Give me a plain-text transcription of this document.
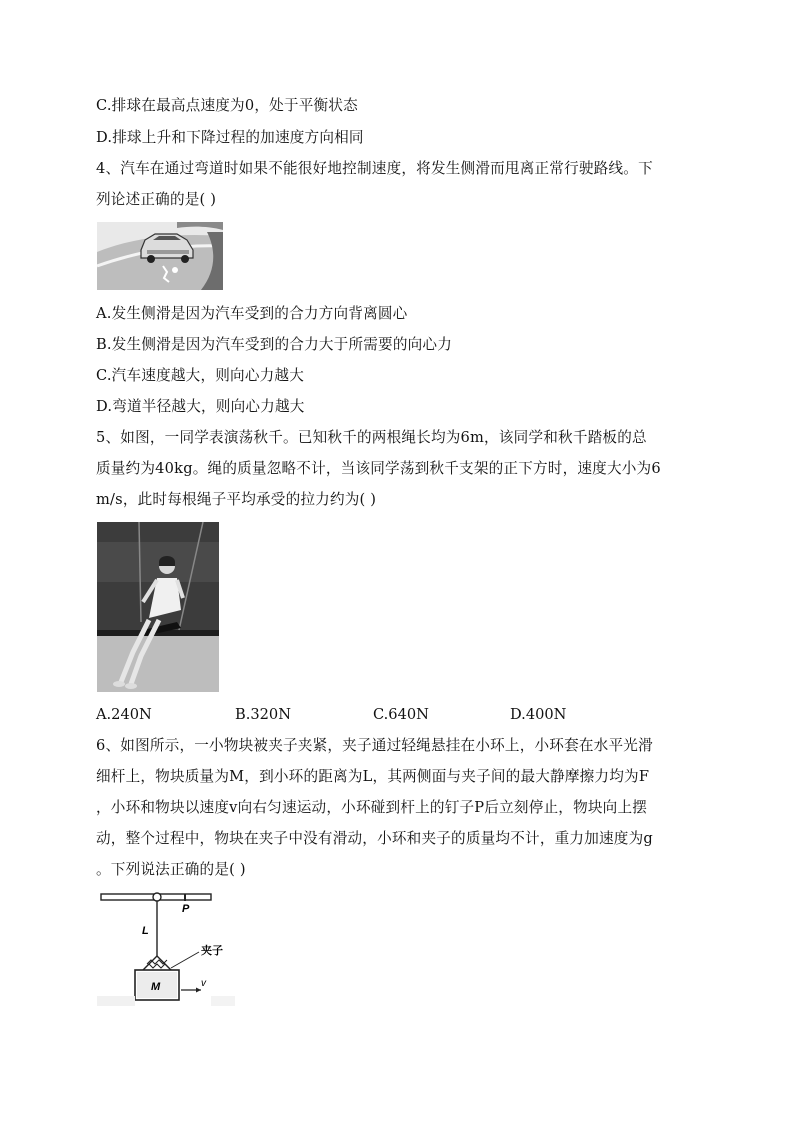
C.排球在最高点速度为0，处于平衡状态
D.排球上升和下降过程的加速度方向相同
4、汽车在通过弯道时如果不能很好地控制速度，将发生侧滑而甩离正常行驶路线。下
列论述正确的是( )
A.发生侧滑是因为汽车受到的合力方向背离圆心
B.发生侧滑是因为汽车受到的合力大于所需要的向心力
C.汽车速度越大，则向心力越大
D.弯道半径越大，则向心力越大
5、如图，一同学表演荡秋千。已知秋千的两根绳长均为6m，该同学和秋千踏板的总
质量约为40kg。绳的质量忽略不计，当该同学荡到秋千支架的正下方时，速度大小为6
m/s，此时每根绳子平均承受的拉力约为( )
A.240N	B.320N	C.640N	D.400N
6、如图所示，一小物块被夹子夹紧，夹子通过轻绳悬挂在小环上，小环套在水平光滑
细杆上，物块质量为M，到小环的距离为L，其两侧面与夹子间的最大静摩擦力均为F
，小环和物块以速度v向右匀速运动，小环碰到杆上的钉子P后立刻停止，物块向上摆
动，整个过程中，物块在夹子中没有滑动，小环和夹子的质量均不计，重力加速度为g
。下列说法正确的是( )
P
L
夹子
M	v
